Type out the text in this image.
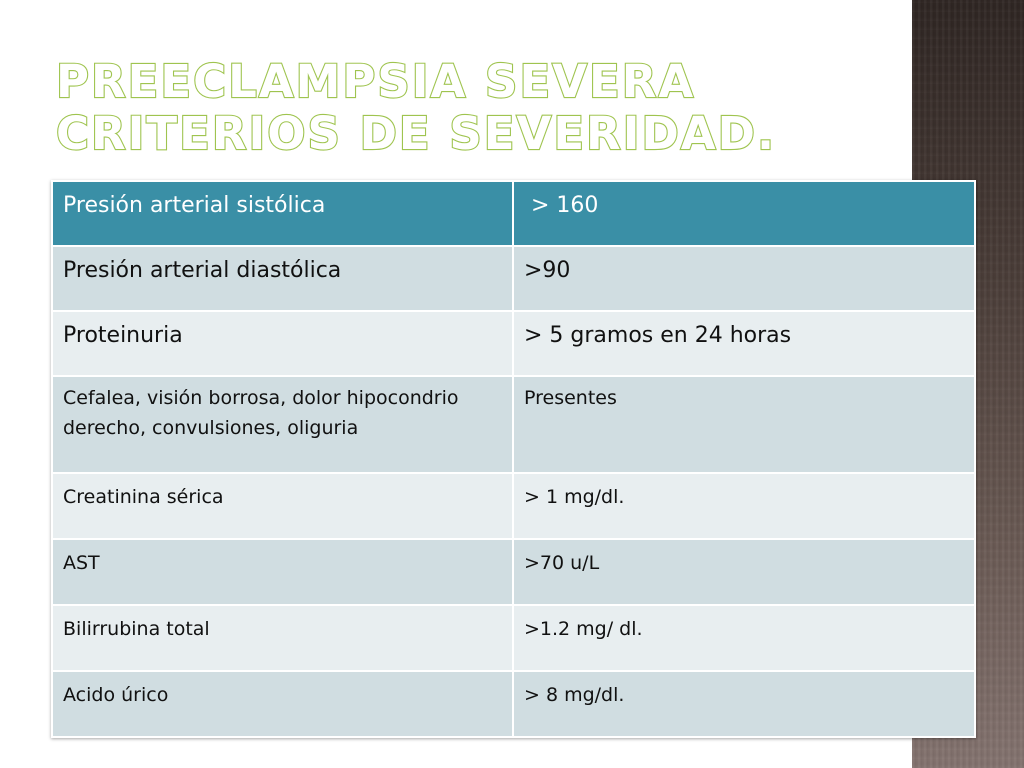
PREECLAMPSIA SEVERA
CRITERIOS DE SEVERIDAD.
Presión arterial sistólica	> 160
Presión arterial diastólica	>90
Proteinuria	> 5 gramos en 24 horas
Cefalea, visión borrosa, dolor hipocondrio derecho, convulsiones, oliguria	Presentes
Creatinina sérica	> 1 mg/dl.
AST	>70 u/L
Bilirrubina total	>1.2 mg/ dl.
Acido úrico	> 8 mg/dl.
